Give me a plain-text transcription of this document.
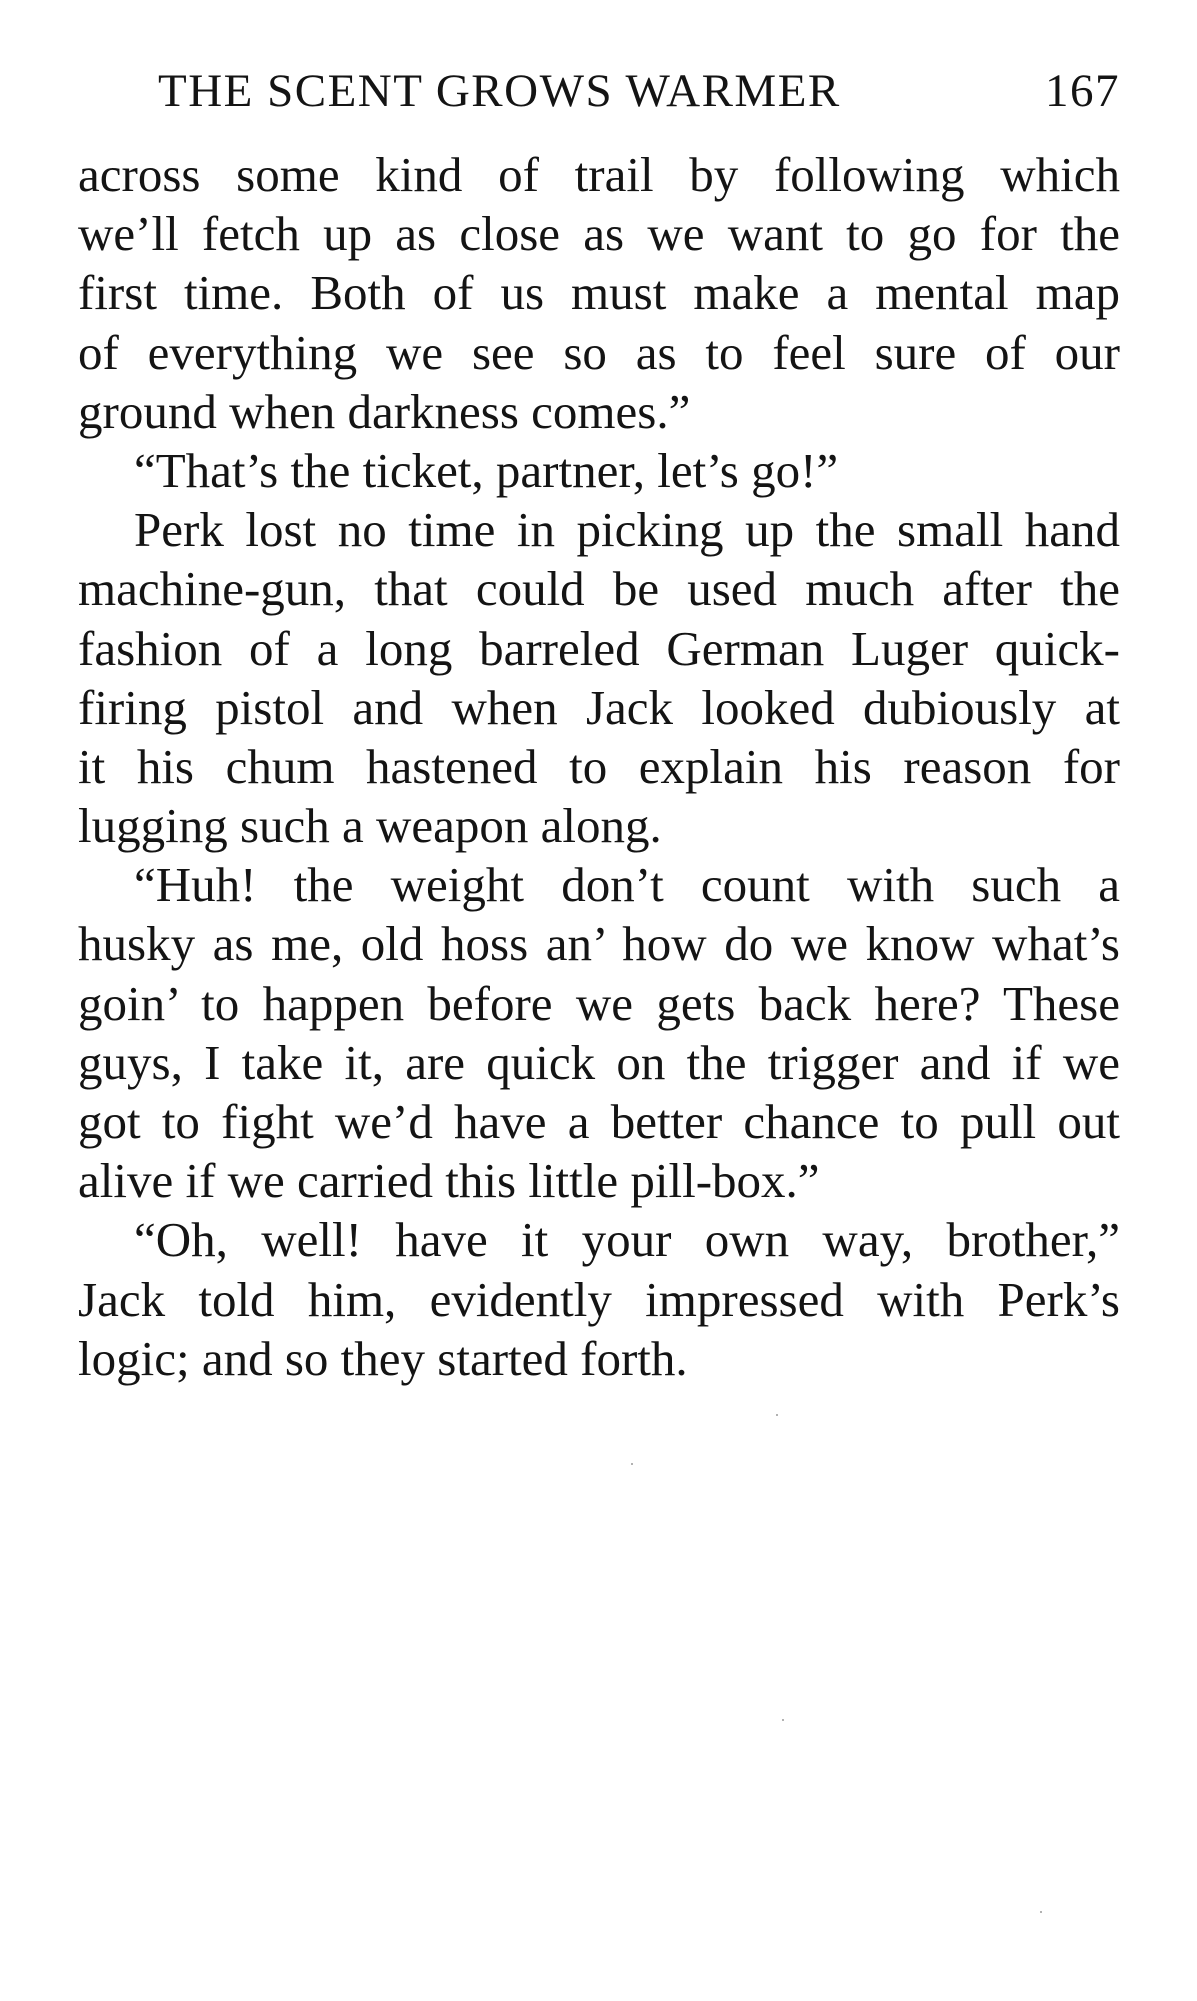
THE SCENT GROWS WARMER	167
across some kind of trail by following which
we’ll fetch up as close as we want to go for the
first time. Both of us must make a mental map
of everything we see so as to feel sure of our
ground when darkness comes.”
“That’s the ticket, partner, let’s go!”
Perk lost no time in picking up the small hand
machine-gun, that could be used much after the
fashion of a long barreled German Luger quick-
firing pistol and when Jack looked dubiously at
it his chum hastened to explain his reason for
lugging such a weapon along.
“Huh! the weight don’t count with such a
husky as me, old hoss an’ how do we know what’s
goin’ to happen before we gets back here? These
guys, I take it, are quick on the trigger and if we
got to fight we’d have a better chance to pull out
alive if we carried this little pill-box.”
“Oh, well! have it your own way, brother,”
Jack told him, evidently impressed with Perk’s
logic; and so they started forth.
